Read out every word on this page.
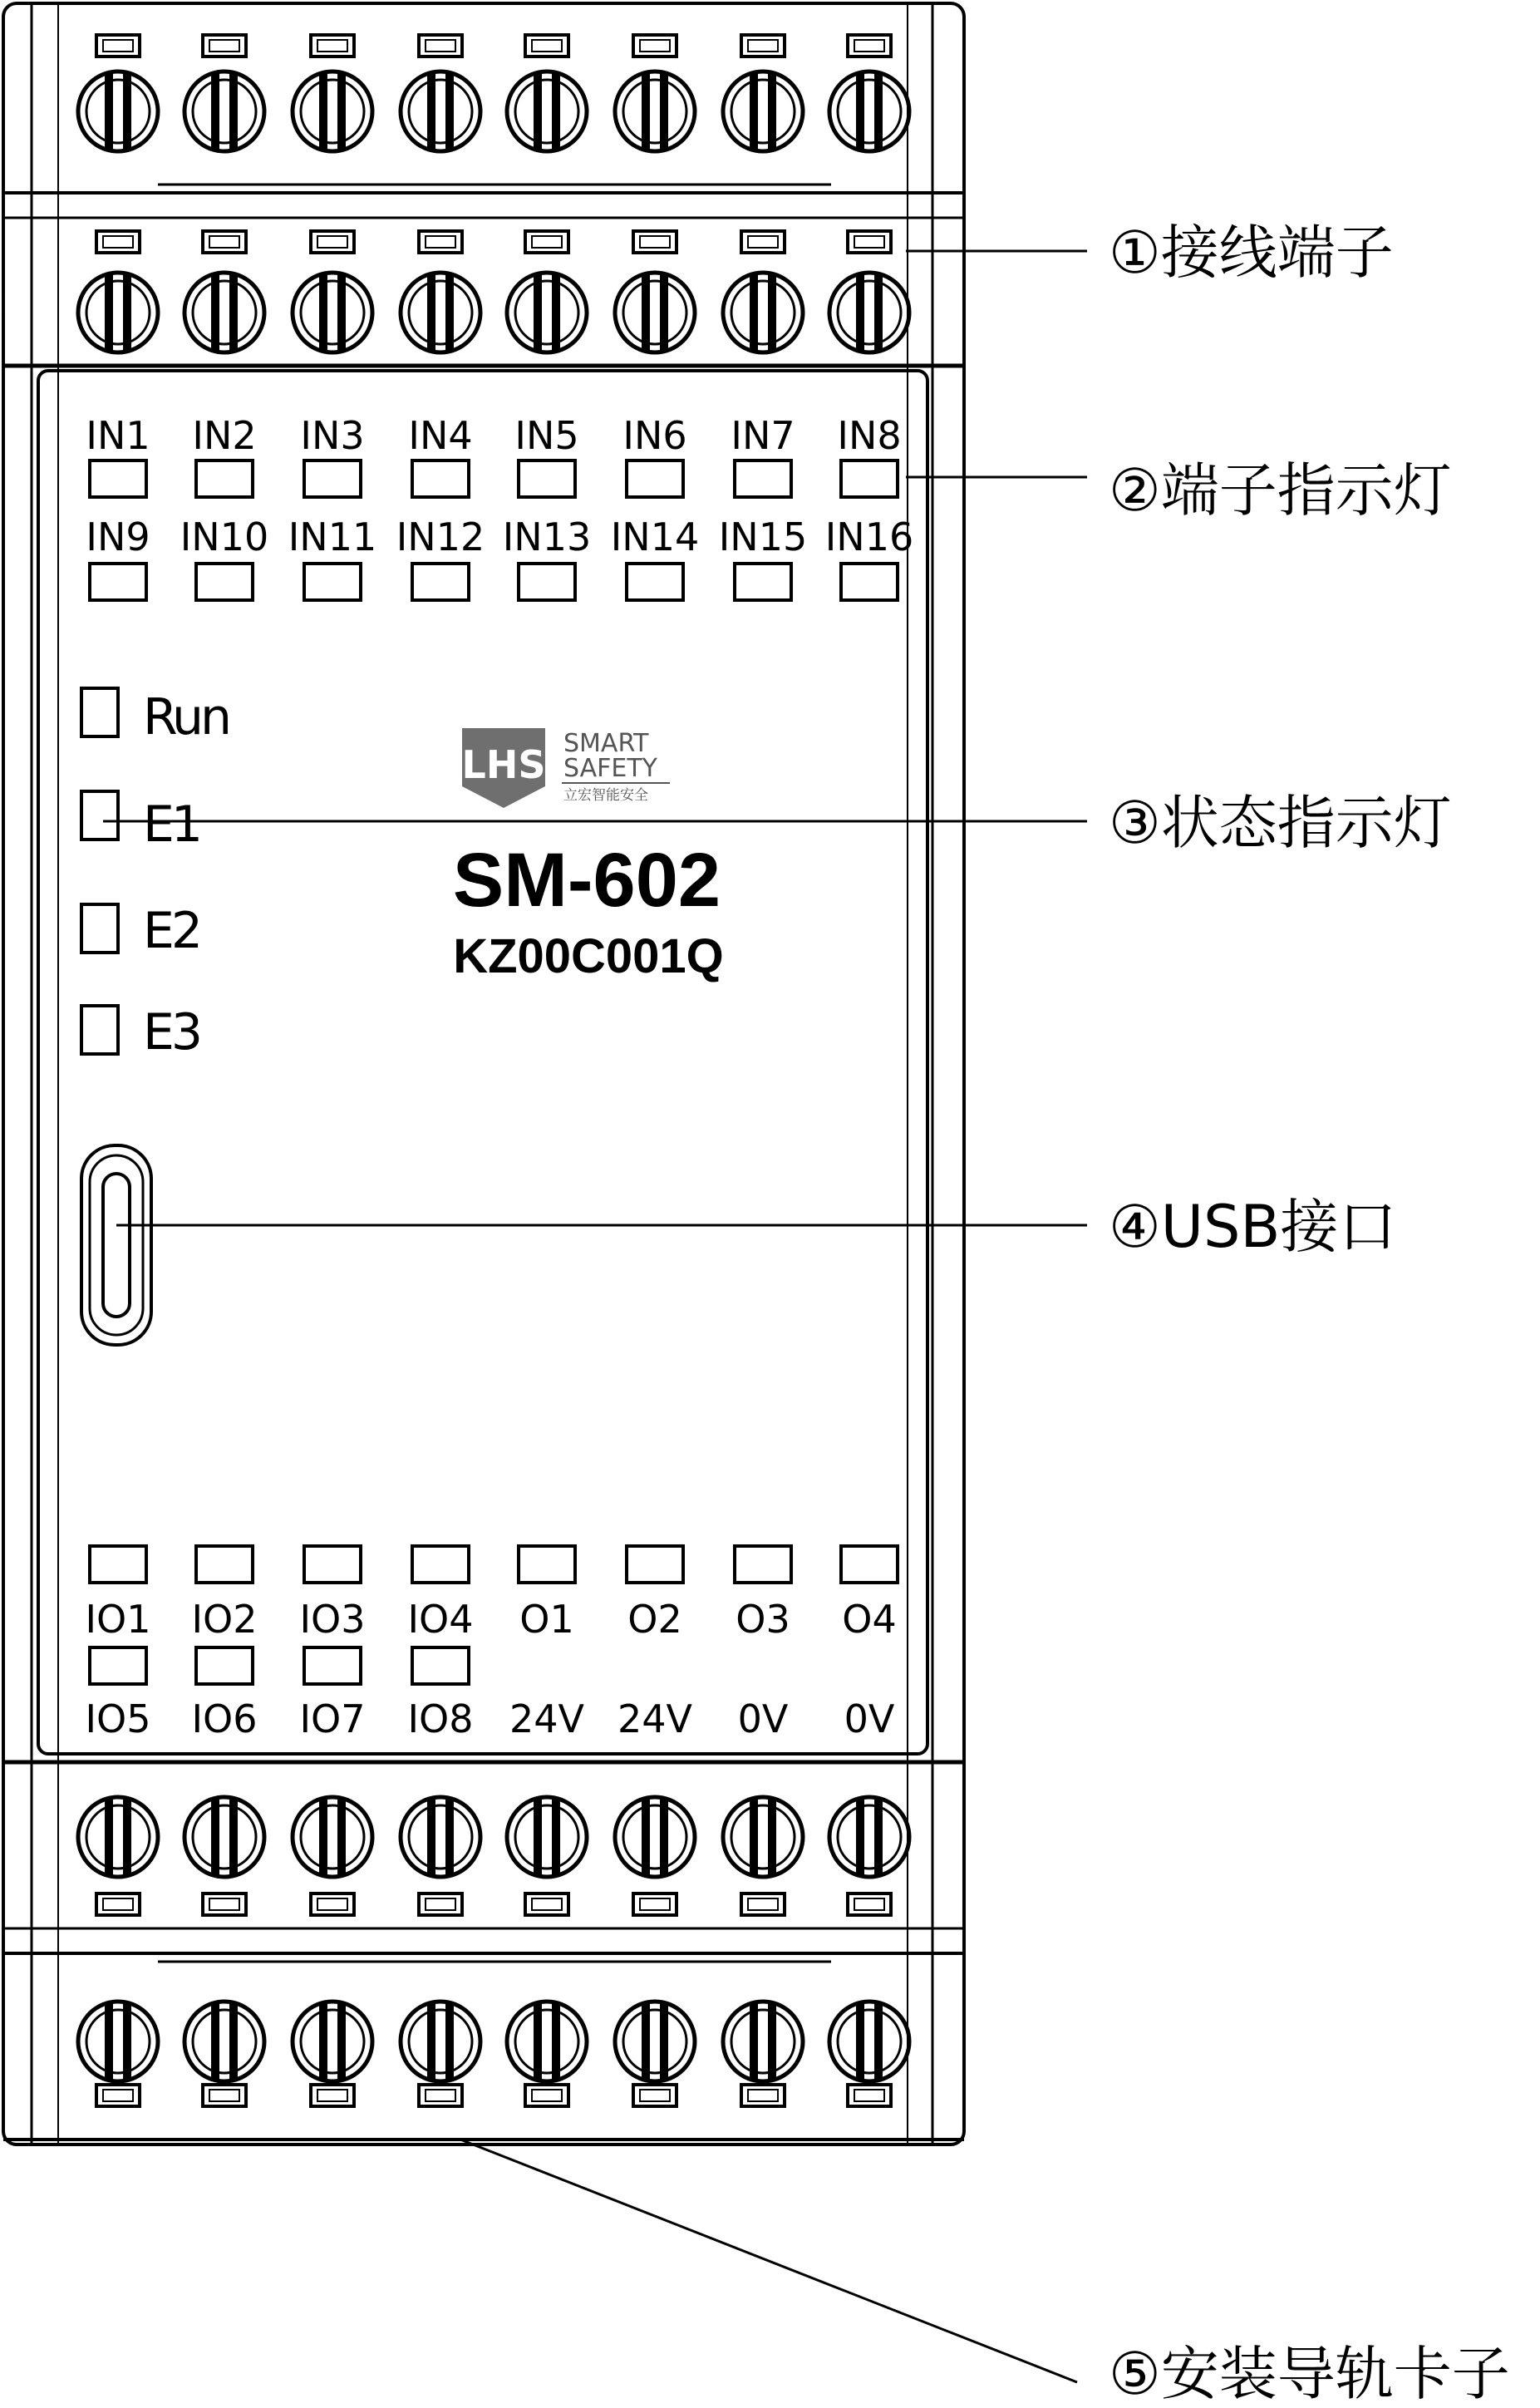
IN1 IN2 IN3 IN4 IN5 IN6 IN7 IN8
IN9 IN10 IN11 IN12 IN13 IN14 IN15 IN16
Run
E1
E2
E3
LHS SMART
SAFETY
立宏智能安全
SM-602
KZ00C001Q
IO1 IO2 IO3 IO4 O1 O2 O3 O4
IO5 IO6 IO7 IO8 24V 24V 0V 0V
①接线端子
②端子指示灯
③状态指示灯
④USB接口
⑤安装导轨卡子
